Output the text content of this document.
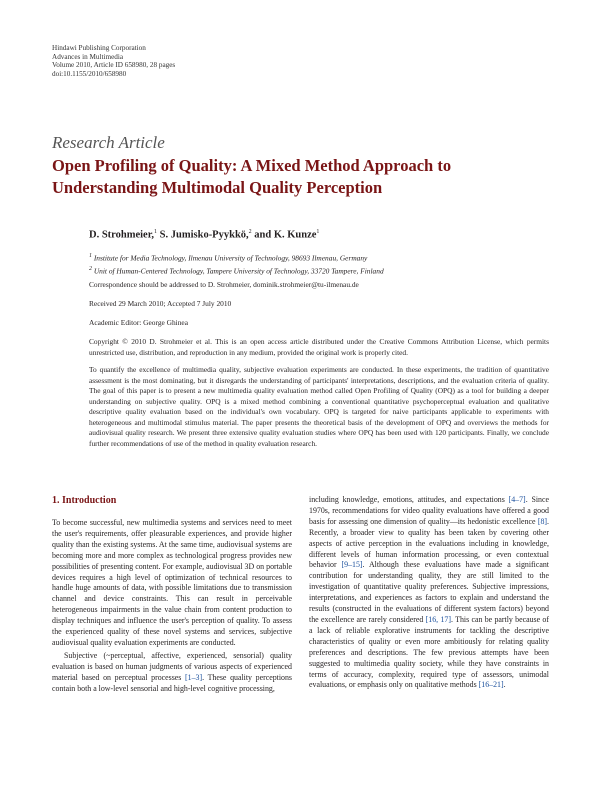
Hindawi Publishing Corporation
Advances in Multimedia
Volume 2010, Article ID 658980, 28 pages
doi:10.1155/2010/658980
Research Article
Open Profiling of Quality: A Mixed Method Approach to Understanding Multimodal Quality Perception
D. Strohmeier,$^1$ S. Jumisko-Pyykkö,$^2$ and K. Kunze$^1$
$^1$ Institute for Media Technology, Ilmenau University of Technology, 98693 Ilmenau, Germany
$^2$ Unit of Human-Centered Technology, Tampere University of Technology, 33720 Tampere, Finland
Correspondence should be addressed to D. Strohmeier, dominik.strohmeier@tu-ilmenau.de
Received 29 March 2010; Accepted 7 July 2010
Academic Editor: George Ghinea
Copyright © 2010 D. Strohmeier et al. This is an open access article distributed under the Creative Commons Attribution License, which permits unrestricted use, distribution, and reproduction in any medium, provided the original work is properly cited.
To quantify the excellence of multimedia quality, subjective evaluation experiments are conducted. In these experiments, the tradition of quantitative assessment is the most dominating, but it disregards the understanding of participants' interpretations, descriptions, and the evaluation criteria of quality. The goal of this paper is to present a new multimedia quality evaluation method called Open Profiling of Quality (OPQ) as a tool for building a deeper understanding on subjective quality. OPQ is a mixed method combining a conventional quantitative psychoperceptual evaluation and qualitative descriptive quality evaluation based on the individual's own vocabulary. OPQ is targeted for naive participants applicable to experiments with heterogeneous and multimodal stimulus material. The paper presents the theoretical basis of the development of OPQ and overviews the methods for audiovisual quality research. We present three extensive quality evaluation studies where OPQ has been used with 120 participants. Finally, we conclude further recommendations of use of the method in quality evaluation research.
1. Introduction

To become successful, new multimedia systems and services need to meet the user's requirements, offer pleasurable experiences, and provide higher quality than the existing systems. At the same time, audiovisual systems are becoming more and more complex as technological progress provides new possibilities of presenting content. For example, audiovisual 3D on portable devices requires a high level of optimization of technical resources to handle huge amounts of data, with possible limitations due to transmission channel and device constraints. This can result in perceivable heterogeneous impairments in the value chain from content production to display techniques and influence the user's perception of quality. To assess the experienced quality of these novel systems and services, subjective audiovisual quality evaluation experiments are conducted.

Subjective (~perceptual, affective, experienced, sensorial) quality evaluation is based on human judgments of various aspects of experienced material based on perceptual processes [1–3]. These quality perceptions contain both a low-level sensorial and high-level cognitive processing,

including knowledge, emotions, attitudes, and expectations [4–7]. Since 1970s, recommendations for video quality evaluations have offered a good basis for assessing one dimension of quality—its hedonistic excellence [8]. Recently, a broader view to quality has been taken by covering other aspects of active perception in the evaluations including in knowledge, different levels of human information processing, or even contextual behavior [9–15]. Although these evaluations have made a significant contribution for understanding quality, they are still limited to the investigation of quantitative quality preferences. Subjective impressions, interpretations, and experiences as factors to explain and understand the results (constructed in the evaluations of different system factors) beyond the excellence are rarely considered [16, 17]. This can be partly because of a lack of reliable explorative instruments for tackling the descriptive characteristics of quality or even more ambitiously for relating quality preferences and descriptions. The few previous attempts have been suggested to multimedia quality society, while they have constraints in terms of accuracy, complexity, required type of assessors, unimodal evaluations, or emphasis only on qualitative methods [16–21].
